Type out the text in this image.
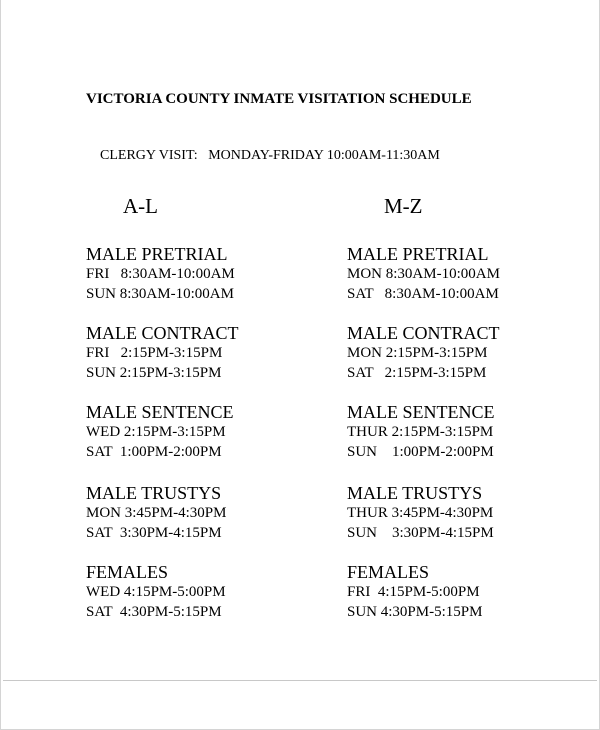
VICTORIA COUNTY INMATE VISITATION SCHEDULE
CLERGY VISIT:   MONDAY-FRIDAY 10:00AM-11:30AM
A-L	M-Z
MALE PRETRIAL
FRI   8:30AM-10:00AM
SUN 8:30AM-10:00AM
MALE CONTRACT
FRI   2:15PM-3:15PM
SUN 2:15PM-3:15PM
MALE SENTENCE
WED 2:15PM-3:15PM
SAT  1:00PM-2:00PM
MALE TRUSTYS
MON 3:45PM-4:30PM
SAT  3:30PM-4:15PM
FEMALES
WED 4:15PM-5:00PM
SAT  4:30PM-5:15PM
MALE PRETRIAL
MON 8:30AM-10:00AM
SAT   8:30AM-10:00AM
MALE CONTRACT
MON 2:15PM-3:15PM
SAT   2:15PM-3:15PM
MALE SENTENCE
THUR 2:15PM-3:15PM
SUN    1:00PM-2:00PM
MALE TRUSTYS
THUR 3:45PM-4:30PM
SUN    3:30PM-4:15PM
FEMALES
FRI  4:15PM-5:00PM
SUN 4:30PM-5:15PM
